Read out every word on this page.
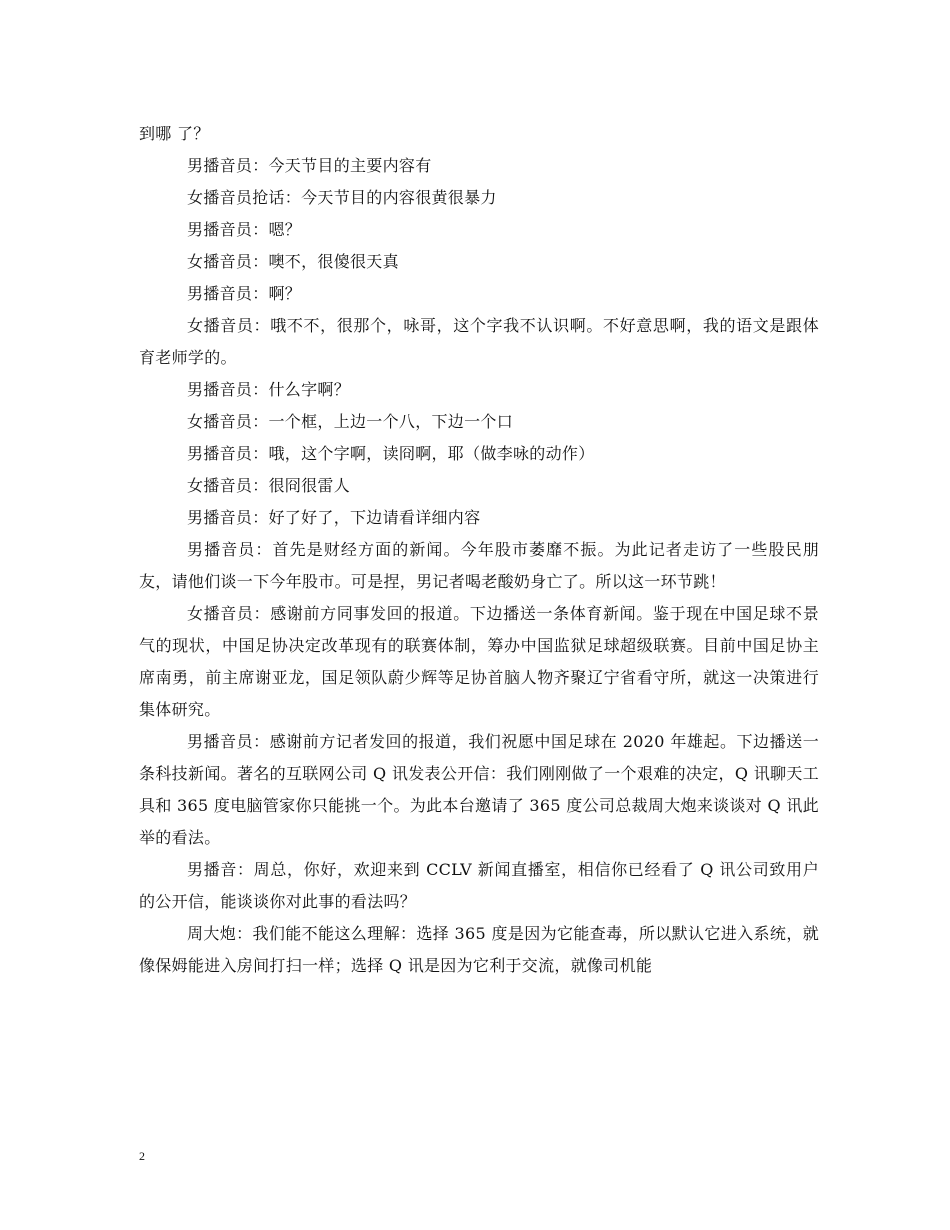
到哪 了？

男播音员：今天节目的主要内容有

女播音员抢话：今天节目的内容很黄很暴力

男播音员：嗯？

女播音员：噢不，很傻很天真

男播音员：啊？

女播音员：哦不不，很那个，咏哥，这个字我不认识啊。不好意思啊，我的语文是跟体育老师学的。

男播音员：什么字啊？

女播音员：一个框，上边一个八，下边一个口

男播音员：哦，这个字啊，读冏啊，耶（做李咏的动作）

女播音员：很冏很雷人

男播音员：好了好了，下边请看详细内容

男播音员：首先是财经方面的新闻。今年股市萎靡不振。为此记者走访了一些股民朋友，请他们谈一下今年股市。可是捏，男记者喝老酸奶身亡了。所以这一环节跳！

女播音员：感谢前方同事发回的报道。下边播送一条体育新闻。鉴于现在中国足球不景气的现状，中国足协决定改革现有的联赛体制，筹办中国监狱足球超级联赛。目前中国足协主席南勇，前主席谢亚龙，国足领队蔚少辉等足协首脑人物齐聚辽宁省看守所，就这一决策进行集体研究。

男播音员：感谢前方记者发回的报道，我们祝愿中国足球在 2020 年雄起。下边播送一条科技新闻。著名的互联网公司 Q 讯发表公开信：我们刚刚做了一个艰难的决定，Q 讯聊天工具和 365 度电脑管家你只能挑一个。为此本台邀请了 365 度公司总裁周大炮来谈谈对 Q 讯此举的看法。

男播音：周总，你好，欢迎来到 CCLV 新闻直播室，相信你已经看了 Q 讯公司致用户的公开信，能谈谈你对此事的看法吗？

周大炮：我们能不能这么理解：选择 365 度是因为它能查毒，所以默认它进入系统，就像保姆能进入房间打扫一样；选择 Q 讯是因为它利于交流，就像司机能

2
